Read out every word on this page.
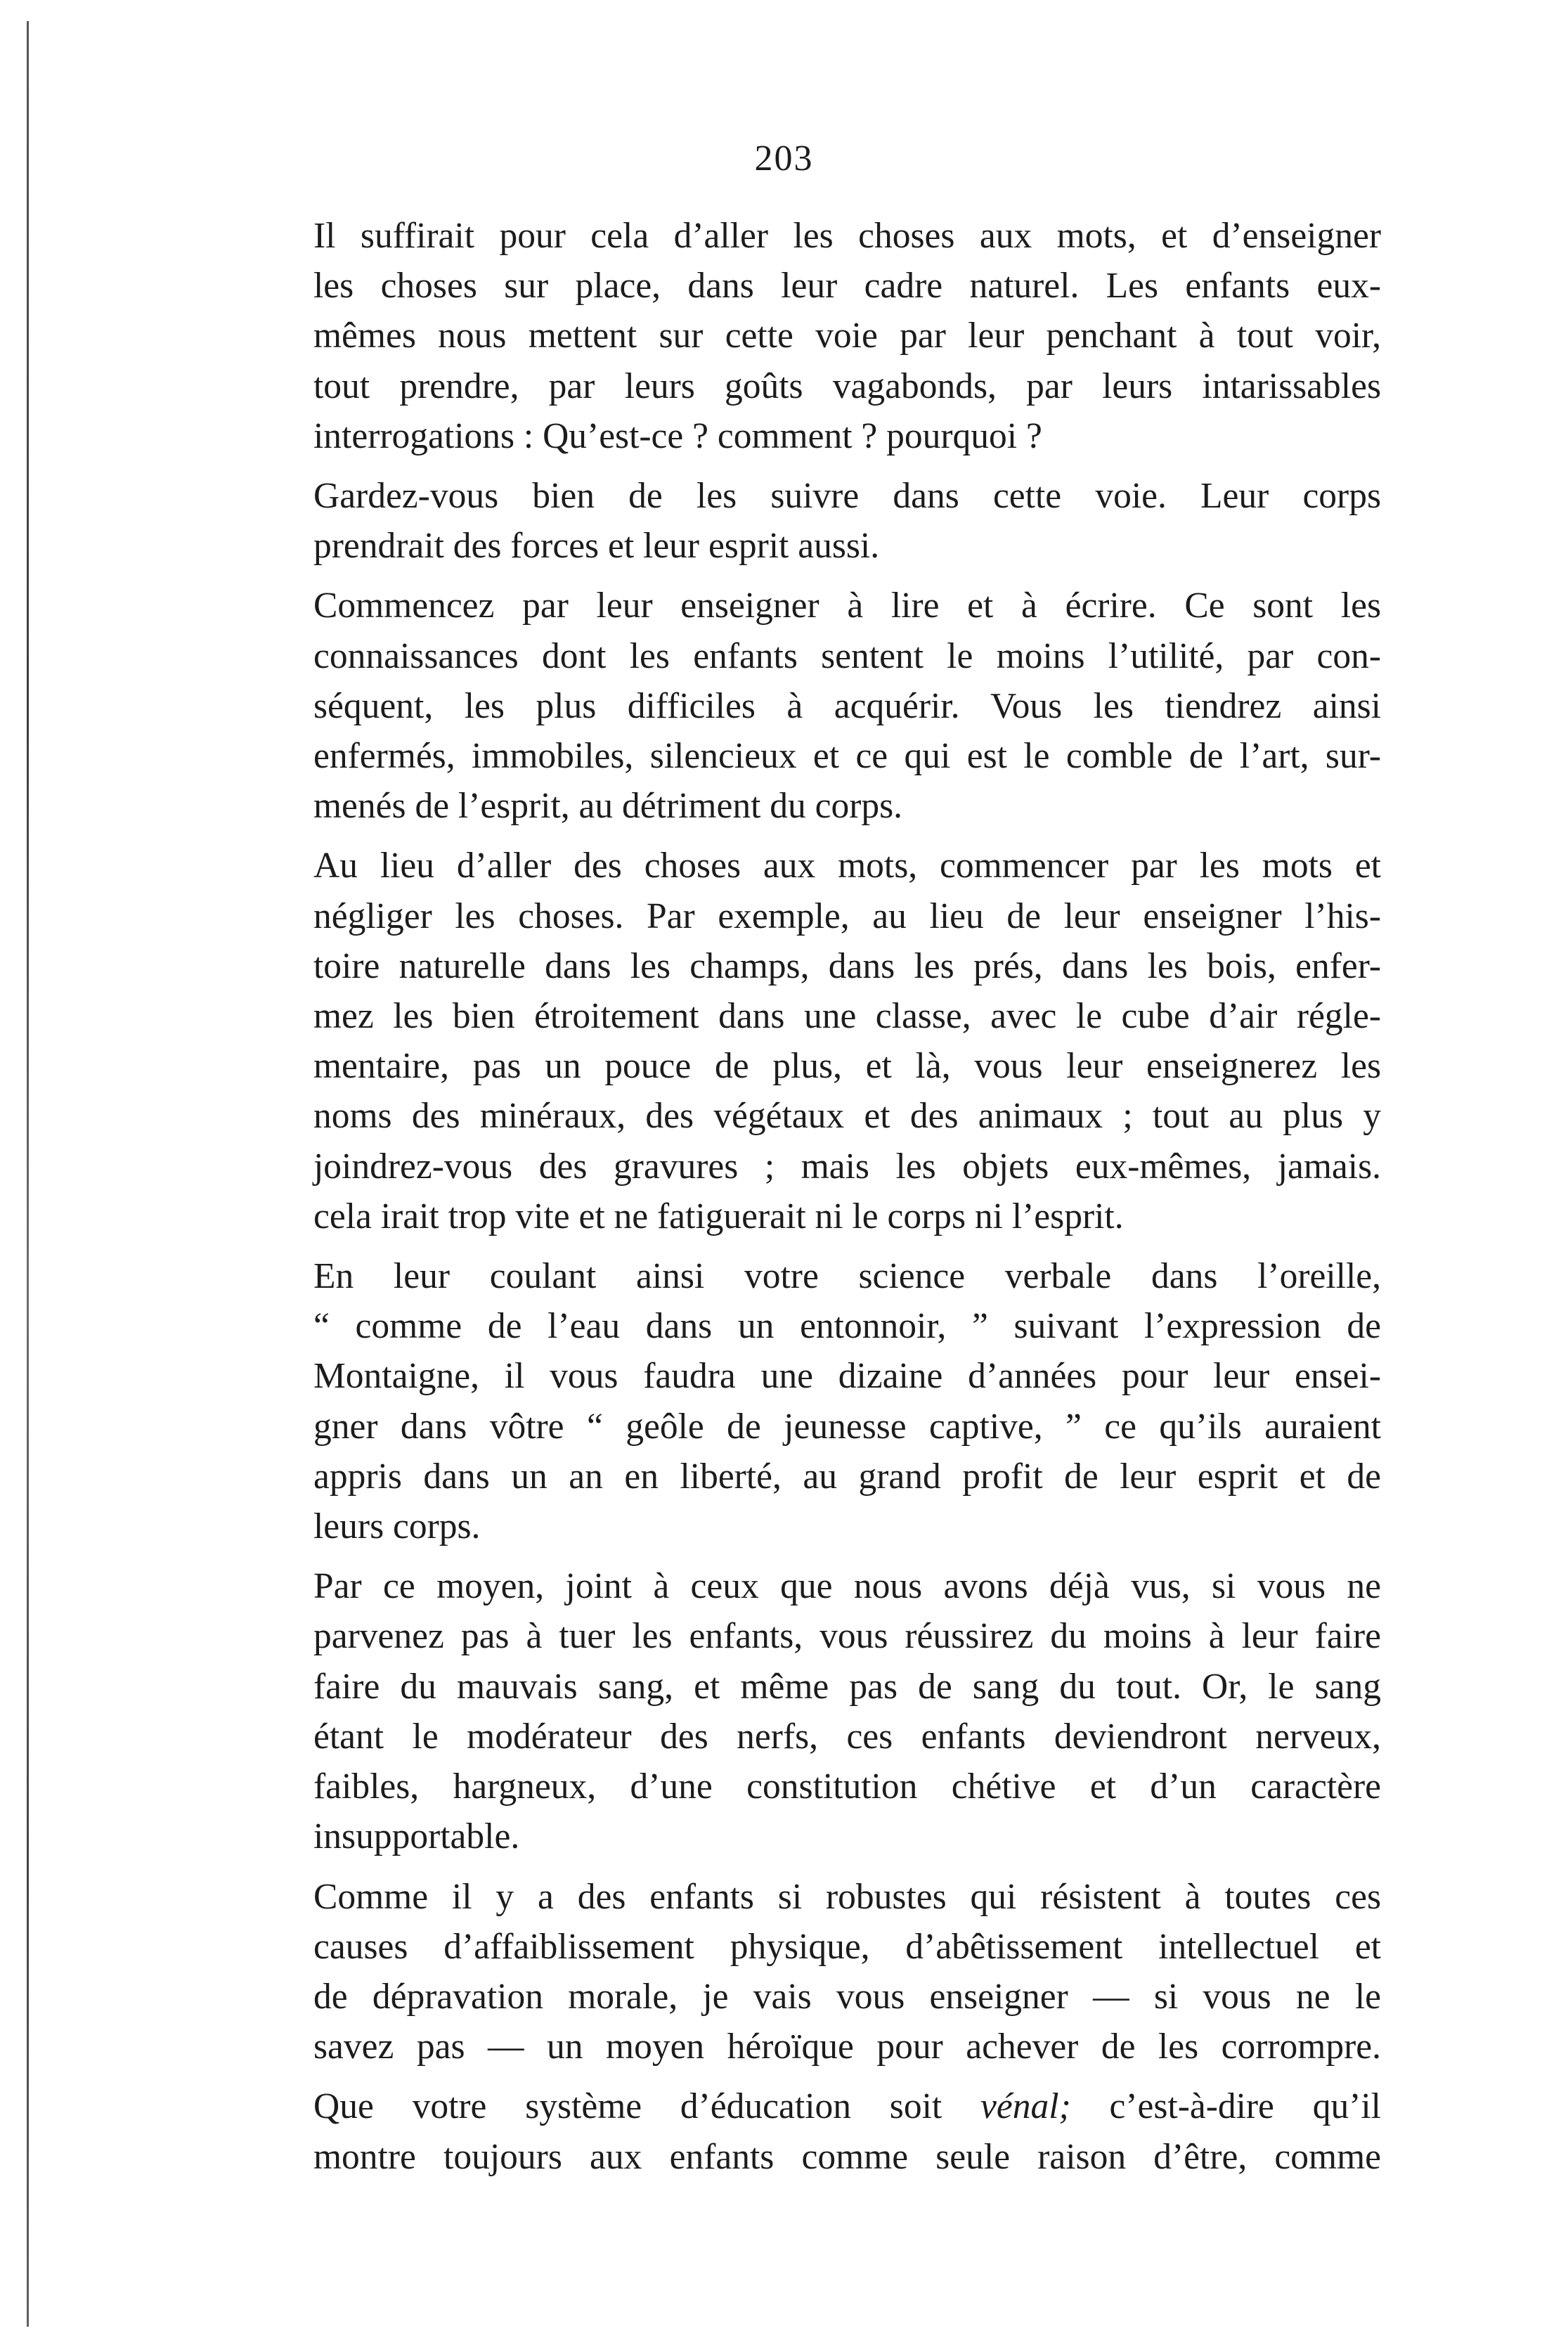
203

Il suffirait pour cela d’aller les choses aux mots, et d’enseigner
les choses sur place, dans leur cadre naturel. Les enfants eux-
mêmes nous mettent sur cette voie par leur penchant à tout voir,
tout prendre, par leurs goûts vagabonds, par leurs intarissables
interrogations : Qu’est-ce ? comment ? pourquoi ?

Gardez-vous bien de les suivre dans cette voie. Leur corps
prendrait des forces et leur esprit aussi.

Commencez par leur enseigner à lire et à écrire. Ce sont les
connaissances dont les enfants sentent le moins l’utilité, par con-
séquent, les plus difficiles à acquérir. Vous les tiendrez ainsi
enfermés, immobiles, silencieux et ce qui est le comble de l’art, sur-
menés de l’esprit, au détriment du corps.

Au lieu d’aller des choses aux mots, commencer par les mots et
négliger les choses. Par exemple, au lieu de leur enseigner l’his-
toire naturelle dans les champs, dans les prés, dans les bois, enfer-
mez les bien étroitement dans une classe, avec le cube d’air régle-
mentaire, pas un pouce de plus, et là, vous leur enseignerez les
noms des minéraux, des végétaux et des animaux ; tout au plus y
joindrez-vous des gravures ; mais les objets eux-mêmes, jamais.
cela irait trop vite et ne fatiguerait ni le corps ni l’esprit.

En leur coulant ainsi votre science verbale dans l’oreille,
“ comme de l’eau dans un entonnoir, ” suivant l’expression de
Montaigne, il vous faudra une dizaine d’années pour leur ensei-
gner dans vôtre “ geôle de jeunesse captive, ” ce qu’ils auraient
appris dans un an en liberté, au grand profit de leur esprit et de
leurs corps.

Par ce moyen, joint à ceux que nous avons déjà vus, si vous ne
parvenez pas à tuer les enfants, vous réussirez du moins à leur faire
faire du mauvais sang, et même pas de sang du tout. Or, le sang
étant le modérateur des nerfs, ces enfants deviendront nerveux,
faibles, hargneux, d’une constitution chétive et d’un caractère
insupportable.

Comme il y a des enfants si robustes qui résistent à toutes ces
causes d’affaiblissement physique, d’abêtissement intellectuel et
de dépravation morale, je vais vous enseigner — si vous ne le
savez pas — un moyen héroïque pour achever de les corrompre.

Que votre système d’éducation soit vénal; c’est-à-dire qu’il
montre toujours aux enfants comme seule raison d’être, comme
